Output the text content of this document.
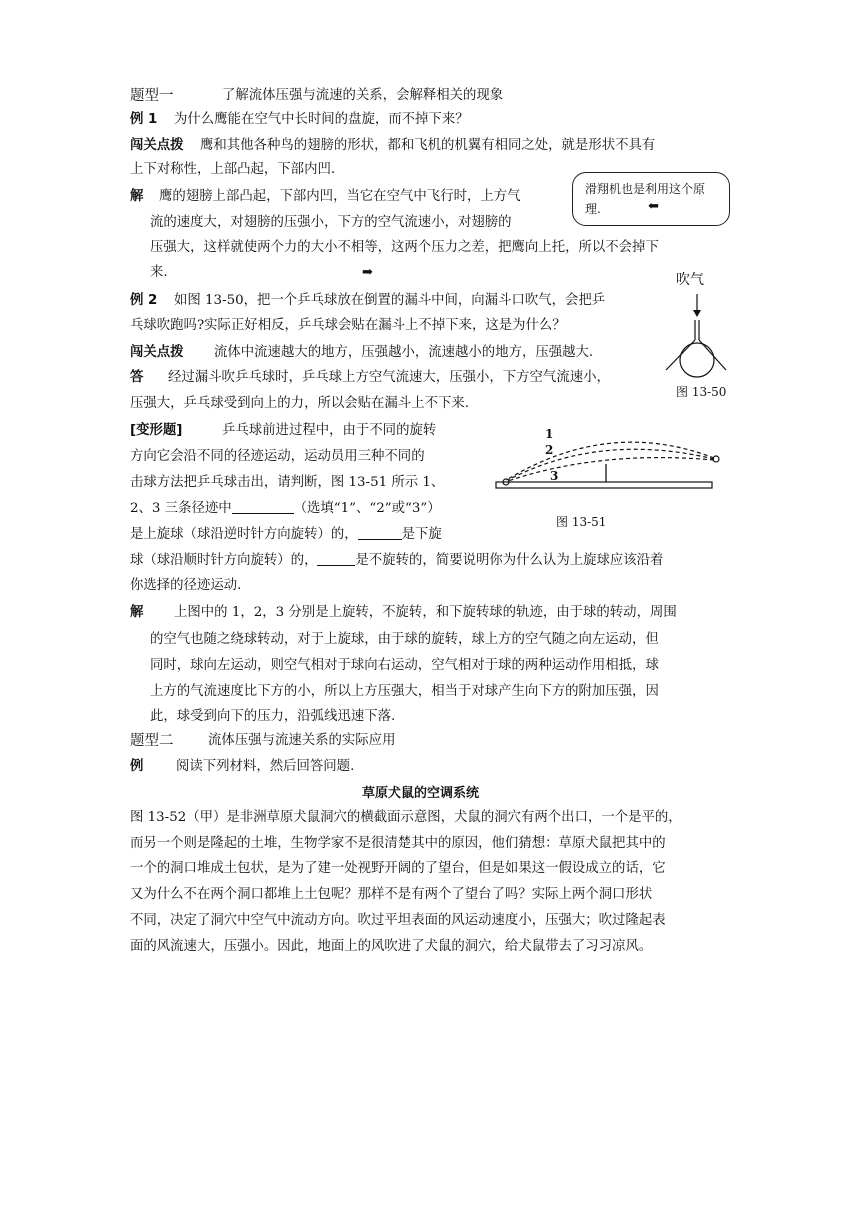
题型一	了解流体压强与流速的关系，会解释相关的现象
例 1 为什么鹰能在空气中长时间的盘旋，而不掉下来？
闯关点拨 鹰和其他各种鸟的翅膀的形状，都和飞机的机翼有相同之处，就是形状不具有
上下对称性，上部凸起，下部内凹.
解 鹰的翅膀上部凸起，下部内凹，当它在空气中飞行时，上方气
流的速度大，对翅膀的压强小，下方的空气流速小，对翅膀的
压强大，这样就使两个力的大小不相等，这两个压力之差，把鹰向上托，所以不会掉下
来.
滑翔机也是利用这个原理.	⬅
➡	吹气
图 13-50
例 2 如图 13-50，把一个乒乓球放在倒置的漏斗中间，向漏斗口吹气，会把乒
乓球吹跑吗?实际正好相反，乒乓球会贴在漏斗上不掉下来，这是为什么？
闯关点拨 流体中流速越大的地方，压强越小，流速越小的地方，压强越大.
答 经过漏斗吹乒乓球时，乒乓球上方空气流速大，压强小，下方空气流速小，
压强大，乒乓球受到向上的力，所以会贴在漏斗上不下来.
[变形题]	乒乓球前进过程中，由于不同的旋转
方向它会沿不同的径迹运动，运动员用三种不同的
击球方法把乒乓球击出，请判断，图 13-51 所示 1、
2、3 三条径迹中	（选填“1”、“2”或“3”）
是上旋球（球沿逆时针方向旋转）的，	是下旋
球（球沿顺时针方向旋转）的，	是不旋转的，简要说明你为什么认为上旋球应该沿着
你选择的径迹运动.
1
2
3
图 13-51
解 上图中的 1，2，3 分别是上旋转，不旋转，和下旋转球的轨迹，由于球的转动，周围
的空气也随之绕球转动，对于上旋球，由于球的旋转，球上方的空气随之向左运动，但
同时，球向左运动，则空气相对于球向右运动，空气相对于球的两种运动作用相抵，球
上方的气流速度比下方的小，所以上方压强大，相当于对球产生向下方的附加压强，因
此，球受到向下的压力，沿弧线迅速下落.
题型二	流体压强与流速关系的实际应用
例 阅读下列材料，然后回答问题.
草原犬鼠的空调系统
图 13-52（甲）是非洲草原犬鼠洞穴的横截面示意图，犬鼠的洞穴有两个出口，一个是平的，
而另一个则是隆起的土堆，生物学家不是很清楚其中的原因，他们猜想：草原犬鼠把其中的
一个的洞口堆成土包状，是为了建一处视野开阔的了望台，但是如果这一假设成立的话，它
又为什么不在两个洞口都堆上土包呢？那样不是有两个了望台了吗？实际上两个洞口形状
不同，决定了洞穴中空气中流动方向。吹过平坦表面的风运动速度小，压强大；吹过隆起表
面的风流速大，压强小。因此，地面上的风吹进了犬鼠的洞穴，给犬鼠带去了习习凉风。
